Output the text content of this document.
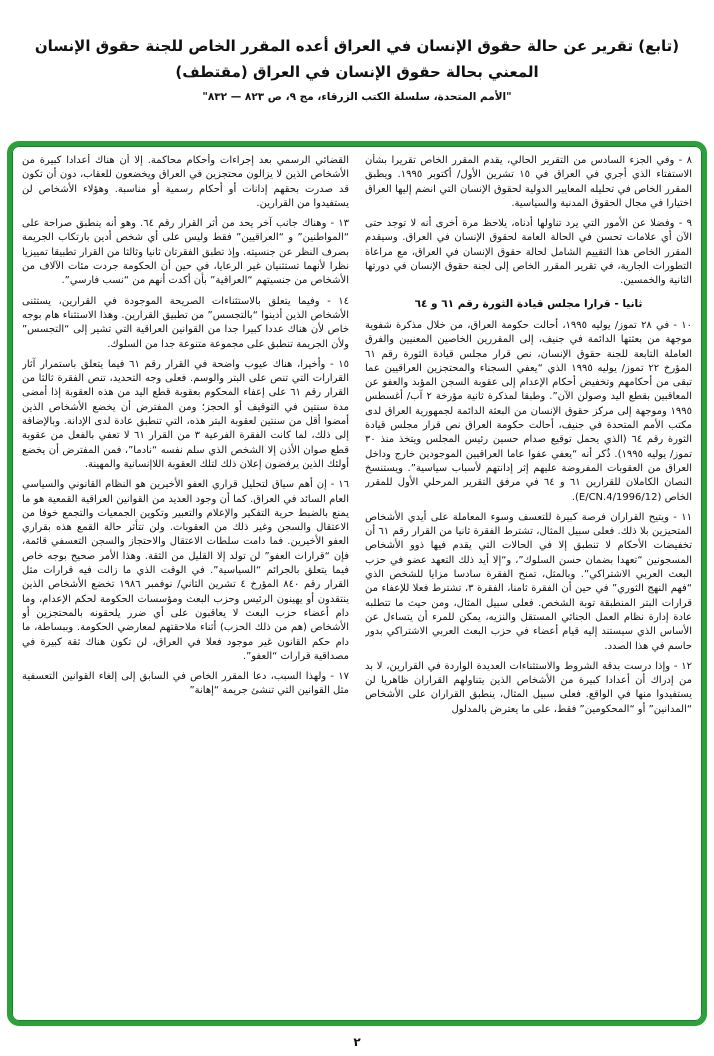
(تابع) تقرير عن حالة حقوق الإنسان في العراق أعده المقرر الخاص للجنة حقوق الإنسان
المعني بحالة حقوق الإنسان في العراق (مقتطف)
"الأمم المتحدة، سلسلة الكتب الزرقاء، مج ٩، ص ٨٢٣ — ٨٣٢"

٨ - وفي الجزء السادس من التقرير الحالي، يقدم المقرر الخاص تقريرا بشأن الاستفتاء الذي أجري في العراق في ١٥ تشرين الأول/ أكتوبر ١٩٩٥. ويطبق المقرر الخاص في تحليله المعايير الدولية لحقوق الإنسان التي انضم إليها العراق اختيارا في مجال الحقوق المدنية والسياسية.

٩ - وفضلا عن الأمور التي يرد تناولها أدناه، يلاحظ مرة أخرى أنه لا توجد حتى الآن أي علامات تحسن في الحالة العامة لحقوق الإنسان في العراق. وسيقدم المقرر الخاص هذا التقييم الشامل لحالة حقوق الإنسان في العراق، مع مراعاة التطورات الجارية، في تقرير المقرر الخاص إلى لجنة حقوق الإنسان في دورتها الثانية والخمسين.

ثانيا - قرارا مجلس قيادة الثورة رقم ٦١ و ٦٤

١٠ - في ٢٨ تموز/ يوليه ١٩٩٥، أحالت حكومة العراق، من خلال مذكرة شفوية موجهة من بعثتها الدائمة في جنيف، إلى المقررين الخاصين المعنيين والفرق العاملة التابعة للجنة حقوق الإنسان، نص قرار مجلس قيادة الثورة رقم ٦١ المؤرخ ٢٢ تموز/ يوليه ١٩٩٥ الذي “يعفي السجناء والمحتجزين العراقيين عما تبقى من أحكامهم وتخفيض أحكام الإعدام إلى عقوبة السجن المؤبد والعفو عن المعاقبين بقطع اليد وصولن الآن”. وطبقا لمذكرة ثانية مؤرخة ٢ آب/ أغسطس ١٩٩٥ وموجهة إلى مركز حقوق الإنسان من البعثة الدائمة لجمهورية العراق لدى مكتب الأمم المتحدة في جنيف، أحالت حكومة العراق نص قرار مجلس قيادة الثورة رقم ٦٤ (الذي يحمل توقيع صدام حسين رئيس المجلس ويتخذ منذ ٣٠ تموز/ يوليه ١٩٩٥). ذُكر أنه “يعفي عفوا عاما العراقيين الموجودين خارج وداخل العراق من العقوبات المفروضة عليهم إثر إدانتهم لأسباب سياسية”. ويستنسخ النصان الكاملان للقرارين ٦١ و ٦٤ في مرفق التقرير المرحلي الأول للمقرر الخاص (E/CN.4/1996/12).

١١ - ويتيح القراران فرصة كبيرة للتعسف وسوء المعاملة على أيدي الأشخاص المتحيزين بلا ذلك. فعلى سبيل المثال، تشترط الفقرة ثانيا من القرار رقم ٦١ أن تخفيضات الأحكام لا تنطبق إلا في الحالات التي يقدم فيها ذوو الأشخاص المسجونين “تعهدا بضمان حسن السلوك”، و“إلا أيد ذلك التعهد عضو في حزب البعث العربي الاشتراكي”. وبالمثل، تمنح الفقرة سادسا مزايا للشخص الذي “فهم النهج الثوري” في حين أن الفقرة ثامنا، الفقرة ٣، تشترط فعلا للإعفاء من قرارات البتر المنطبقة توبة الشخص. فعلى سبيل المثال، ومن حيث ما تتطلبه عادة إدارة نظام العمل الجنائي المستقل والنزيه، يمكن للمرء أن يتساءل عن الأساس الذي سيستند إليه قيام أعضاء في حزب البعث العربي الاشتراكي بدور حاسم في هذا الصدد.

١٢ - وإذا درست بدقة الشروط والاستثناءات العديدة الواردة في القرارين، لا بد من إدراك أن أعدادا كبيرة من الأشخاص الذين يتناولهم القراران ظاهريا لن يستفيدوا منها في الواقع. فعلى سبيل المثال، ينطبق القراران على الأشخاص “المدانين” أو “المحكومين” فقط، على ما يعترض بالمدلول

القضائي الرسمي بعد إجراءات وأحكام محاكمة. إلا أن هناك أعدادا كبيرة من الأشخاص الذين لا يزالون محتجزين في العراق ويخضعون للعقاب، دون أن تكون قد صدرت بحقهم إدانات أو أحكام رسمية أو مناسبة. وهؤلاء الأشخاص لن يستفيدوا من القرارين.

١٣ - وهناك جانب آخر يحد من أثر القرار رقم ٦٤. وهو أنه ينطبق صراحة على “المواطنين” و “العراقيين” فقط وليس على أي شخص أدين بارتكاب الجريمة بصرف النظر عن جنسيته. وإذ تطبق الفقرتان ثانيا وثالثا من القرار تطبيقا تمييزيا نظرا لأنهما تستثنيان غير الرعايا، في حين أن الحكومة جردت مئات الآلاف من الأشخاص من جنسيتهم “العراقية” بأن أكدت أنهم من “نسب فارسي”.

١٤ - وفيما يتعلق بالاستثناءات الصريحة الموجودة في القرارين، يستثنى الأشخاص الذين أدينوا “بالتجسس” من تطبيق القرارين. وهذا الاستثناء هام بوجه خاص لأن هناك عددا كبيرا جدا من القوانين العراقية التي تشير إلى “التجسس” ولأن الجريمة تنطبق على مجموعة متنوعة جدا من السلوك.

١٥ - وأخيرا، هناك عيوب واضحة في القرار رقم ٦١ فيما يتعلق باستمرار آثار القرارات التي تنص على البتر والوسم. فعلى وجه التحديد، تنص الفقرة ثالثا من القرار رقم ٦١ على إعفاء المحكوم بعقوبة قطع اليد من هذه العقوبة إذا أمضى مدة سنتين في التوقيف أو الحجز؛ ومن المفترض أن يخضع الأشخاص الذين أمضوا أقل من سنتين لعقوبة البتر هذه، التي تنطبق عادة لدى الإدانة. وبالإضافة إلى ذلك، لما كانت الفقرة الفرعية ٣ من القرار ٦١ لا تعفي بالفعل من عقوبة قطع صوان الأذن إلا الشخص الذي سلم نفسه “نادما”، فمن المفترض أن يخضع أولئك الذين يرفضون إعلان ذلك لتلك العقوبة اللاإنسانية والمهينة.

١٦ - إن أهم سياق لتحليل قراري العفو الأخيرين هو النظام القانوني والسياسي العام السائد في العراق. كما أن وجود العديد من القوانين العراقية القمعية هو ما يمنع بالضبط حرية التفكير والإعلام والتعبير وتكوين الجمعيات والتجمع خوفا من الاعتقال والسجن وغير ذلك من العقوبات. ولن تتأثر حالة القمع هذه بقراري العفو الأخيرين. فما دامت سلطات الاعتقال والاحتجاز والسجن التعسفي قائمة، فإن “قرارات العفو” لن تولد إلا القليل من الثقة. وهذا الأمر صحيح بوجه خاص فيما يتعلق بالجرائم “السياسية”. في الوقت الذي ما زالت فيه قرارات مثل القرار رقم ٨٤٠ المؤرخ ٤ تشرين الثاني/ نوفمبر ١٩٨٦ تخضع الأشخاص الذين ينتقدون أو يهينون الرئيس وحزب البعث ومؤسسات الحكومة لحكم الإعدام، وما دام أعضاء حزب البعث لا يعاقبون على أي ضرر يلحقونه بالمحتجزين أو الأشخاص (هم من ذلك الحزب) أثناء ملاحقتهم لمعارضي الحكومة. وببساطة، ما دام حكم القانون غير موجود فعلا في العراق، لن تكون هناك ثقة كبيرة في مصداقية قرارات “العفو”.

١٧ - ولهذا السبب، دعا المقرر الخاص في السابق إلى إلغاء القوانين التعسفية مثل القوانين التي تنشئ جريمة “إهانة”

٢
